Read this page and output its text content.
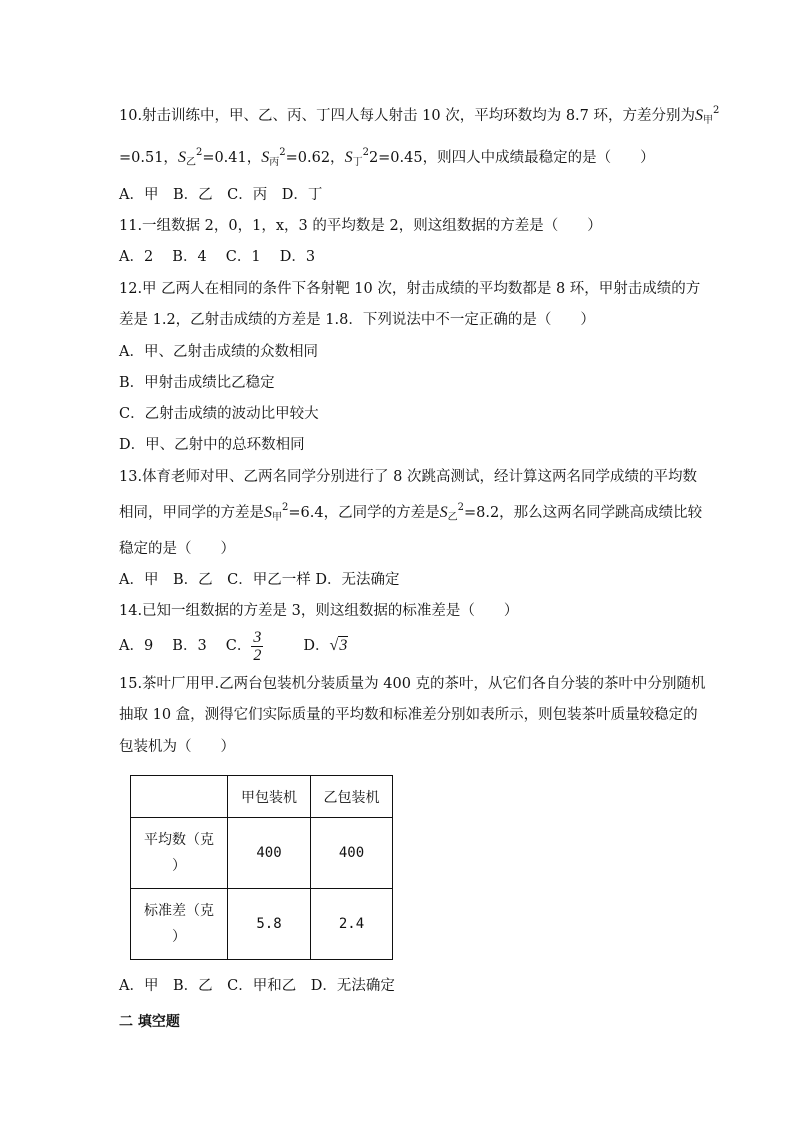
10.射击训练中，甲、乙、丙、丁四人每人射击 10 次，平均环数均为 8.7 环，方差分别为$S_甲^2$
=0.51，$S_乙^2=0.41$，$S_丙^2=0.62$，$S_丁^22=0.45$，则四人中成绩最稳定的是（　　）
A．甲　B．乙　C．丙　D．丁
11.一组数据 2，0，1，x，3 的平均数是 2，则这组数据的方差是（　　）
A．2　 B．4　 C．1　 D．3
12.甲 乙两人在相同的条件下各射靶 10 次，射击成绩的平均数都是 8 环，甲射击成绩的方
差是 1.2，乙射击成绩的方差是 1.8．下列说法中不一定正确的是（　　）
A．甲、乙射击成绩的众数相同
B．甲射击成绩比乙稳定
C．乙射击成绩的波动比甲较大
D．甲、乙射中的总环数相同
13.体育老师对甲、乙两名同学分别进行了 8 次跳高测试，经计算这两名同学成绩的平均数
相同，甲同学的方差是$S_甲^2=6.4$，乙同学的方差是$S_乙^2=8.2$，那么这两名同学跳高成绩比较
稳定的是（　　）
A．甲　B．乙　C．甲乙一样 D．无法确定
14.已知一组数据的方差是 3，则这组数据的标准差是（　　）
A．9　 B．3　 C． $\frac{3}{2}$	D．√3
15.茶叶厂用甲.乙两台包装机分装质量为 400 克的茶叶，从它们各自分装的茶叶中分别随机
抽取 10 盒，测得它们实际质量的平均数和标准差分别如表所示，则包装茶叶质量较稳定的
包装机为（　　）
	甲包装机	乙包装机

平均数（克
）	400	400

标准差（克
）	5.8	2.4
A．甲　B．乙　C．甲和乙　D．无法确定
二 填空题
